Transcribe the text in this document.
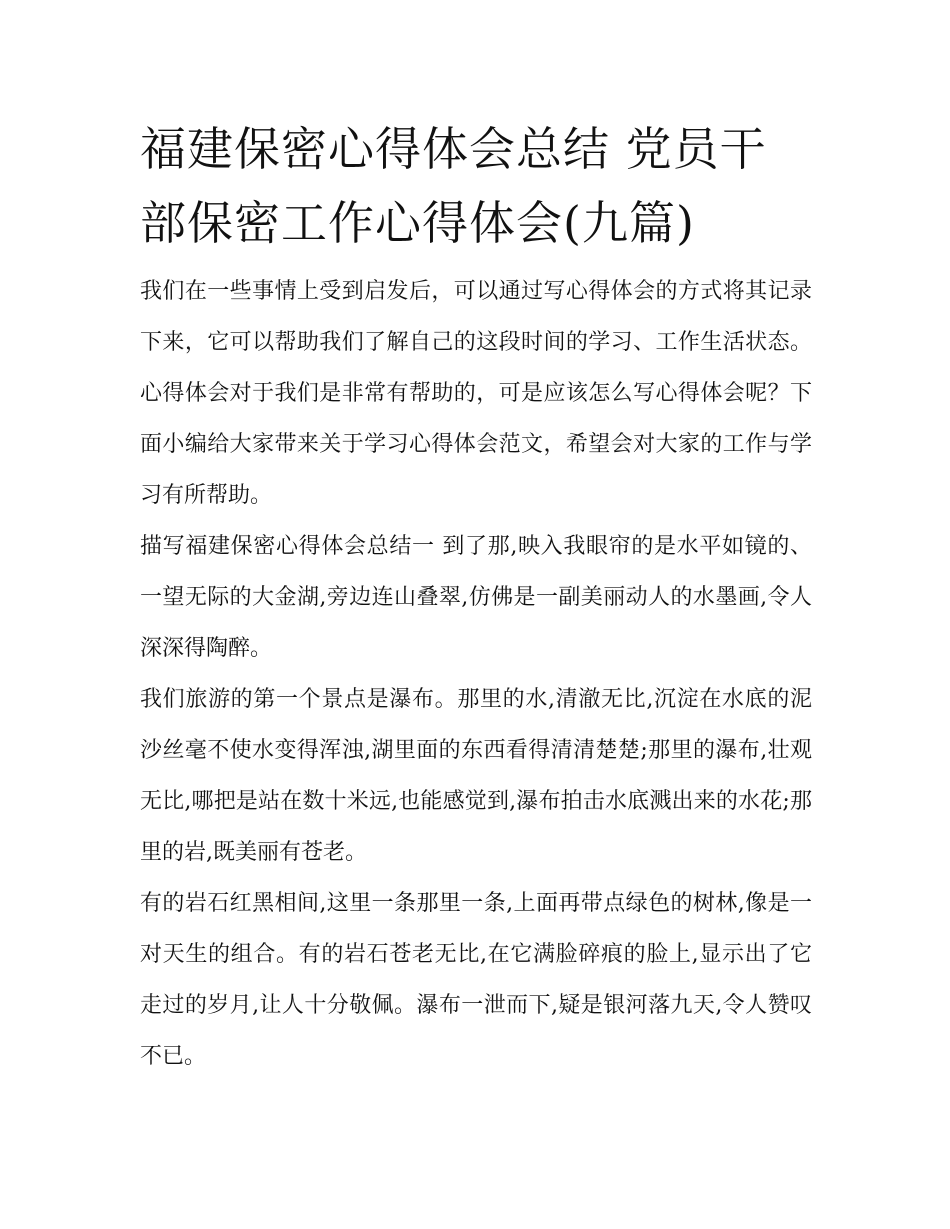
福建保密心得体会总结 党员干部保密工作心得体会(九篇)

我们在一些事情上受到启发后，可以通过写心得体会的方式将其记录下来，它可以帮助我们了解自己的这段时间的学习、工作生活状态。心得体会对于我们是非常有帮助的，可是应该怎么写心得体会呢？下面小编给大家带来关于学习心得体会范文，希望会对大家的工作与学习有所帮助。

描写福建保密心得体会总结一 到了那,映入我眼帘的是水平如镜的、一望无际的大金湖,旁边连山叠翠,仿佛是一副美丽动人的水墨画,令人深深得陶醉。

我们旅游的第一个景点是瀑布。那里的水,清澈无比,沉淀在水底的泥沙丝毫不使水变得浑浊,湖里面的东西看得清清楚楚;那里的瀑布,壮观无比,哪把是站在数十米远,也能感觉到,瀑布拍击水底溅出来的水花;那里的岩,既美丽有苍老。

有的岩石红黑相间,这里一条那里一条,上面再带点绿色的树林,像是一对天生的组合。有的岩石苍老无比,在它满脸碎痕的脸上,显示出了它走过的岁月,让人十分敬佩。瀑布一泄而下,疑是银河落九天,令人赞叹不已。
